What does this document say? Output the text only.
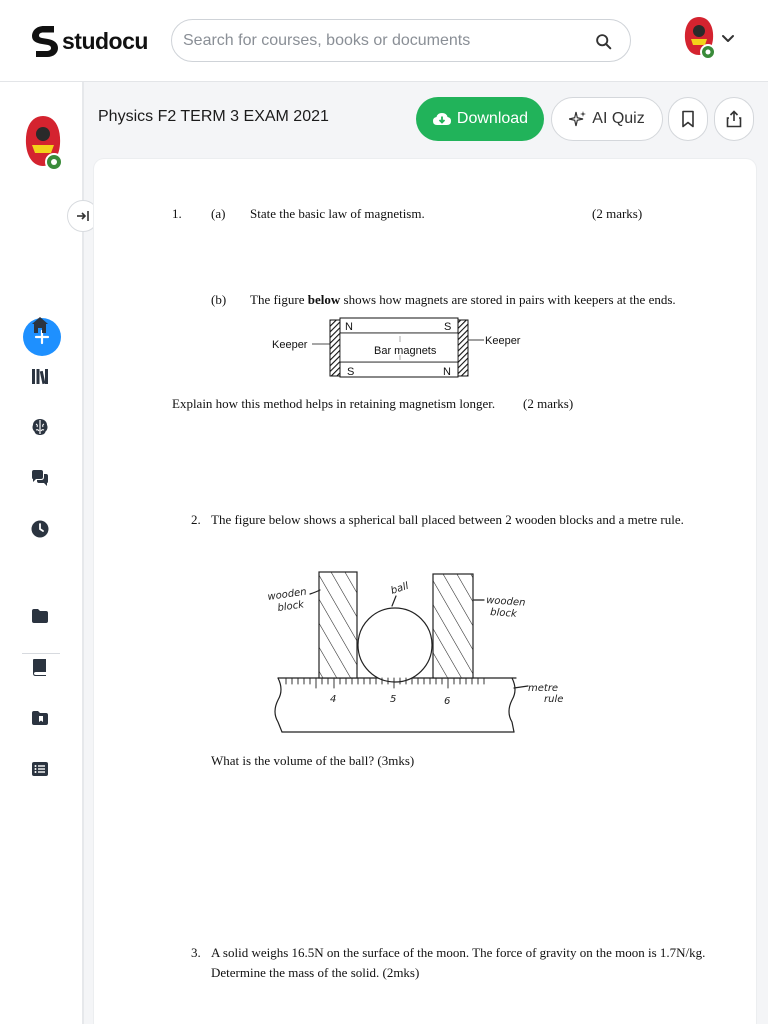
studocu
Search for courses, books or documents
Physics F2 TERM 3 EXAM 2021	Download	AI Quiz
1. (a) State the basic law of magnetism.	(2 marks)
(b) The figure below shows how magnets are stored in pairs with keepers at the ends.
Keeper	Keeper
Bar magnets
N	S
S	N
Explain how this method helps in retaining magnetism longer. (2 marks)
2. The figure below shows a spherical ball placed between 2 wooden blocks and a metre rule.
wooden
block
ball
wooden
block
metre
rule
4	5	6
What is the volume of the ball? (3mks)
3. A solid weighs 16.5N on the surface of the moon. The force of gravity on the moon is 1.7N/kg.
Determine the mass of the solid. (2mks)
